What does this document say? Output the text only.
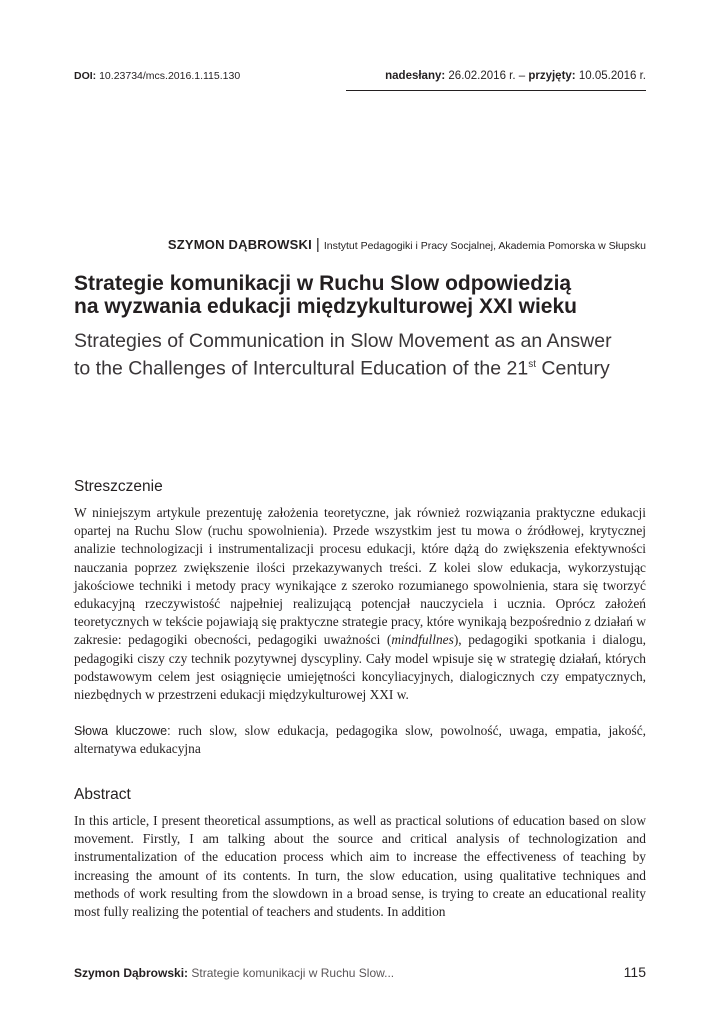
DOI: 10.23734/mcs.2016.1.115.130	nadesłany: 26.02.2016 r. – przyjęty: 10.05.2016 r.
SZYMON DĄBROWSKI | Instytut Pedagogiki i Pracy Socjalnej, Akademia Pomorska w Słupsku
Strategie komunikacji w Ruchu Slow odpowiedzią
na wyzwania edukacji międzykulturowej XXI wieku
Strategies of Communication in Slow Movement as an Answer
to the Challenges of Intercultural Education of the 21st Century
Streszczenie
W niniejszym artykule prezentuję założenia teoretyczne, jak również rozwiązania praktyczne edukacji opartej na Ruchu Slow (ruchu spowolnienia). Przede wszystkim jest tu mowa o źródłowej, krytycznej analizie technologizacji i instrumentalizacji procesu edukacji, które dążą do zwiększenia efektywności nauczania poprzez zwiększenie ilości przekazywanych treści. Z kolei slow edukacja, wykorzystując jakościowe techniki i metody pracy wynikające z szeroko rozumianego spowolnienia, stara się tworzyć edukacyjną rzeczywistość najpełniej realizującą potencjał nauczyciela i ucznia. Oprócz założeń teoretycznych w tekście pojawiają się praktyczne strategie pracy, które wynikają bezpośrednio z działań w zakresie: pedagogiki obecności, pedagogiki uważności (mindfullnes), pedagogiki spotkania i dialogu, pedagogiki ciszy czy technik pozytywnej dyscypliny. Cały model wpisuje się w strategię działań, których podstawowym celem jest osiągnięcie umiejętności koncyliacyjnych, dialogicznych czy empatycznych, niezbędnych w przestrzeni edukacji międzykulturowej XXI w.
Słowa kluczowe: ruch slow, slow edukacja, pedagogika slow, powolność, uwaga, empatia, jakość, alternatywa edukacyjna
Abstract
In this article, I present theoretical assumptions, as well as practical solutions of education based on slow movement. Firstly, I am talking about the source and critical analysis of technologization and instrumentalization of the education process which aim to increase the effectiveness of teaching by increasing the amount of its contents. In turn, the slow education, using qualitative techniques and methods of work resulting from the slowdown in a broad sense, is trying to create an educational reality most fully realizing the potential of teachers and students. In addition
Szymon Dąbrowski: Strategie komunikacji w Ruchu Slow...	115
